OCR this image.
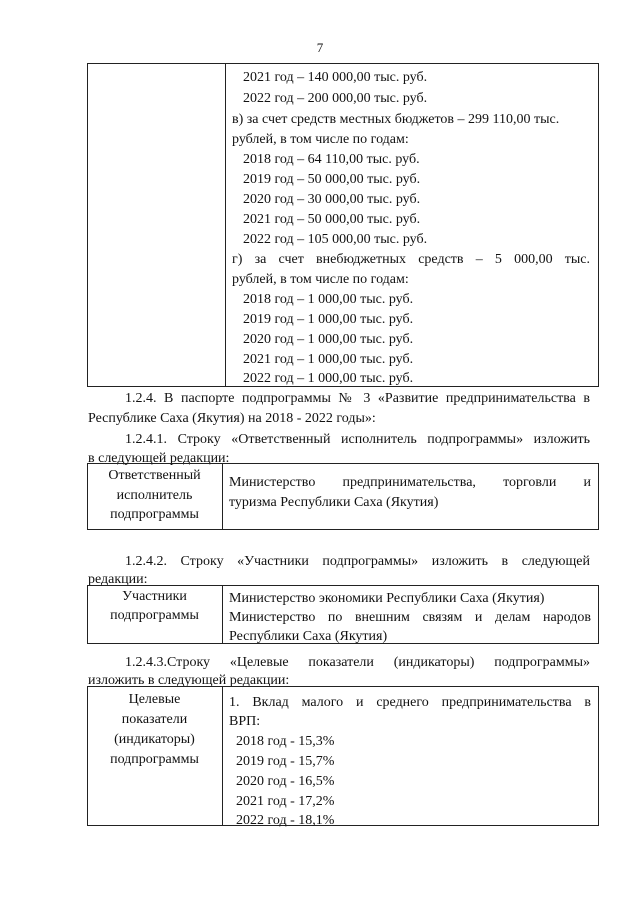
7
2021 год – 140 000,00 тыс. руб.
2022 год – 200 000,00 тыс. руб.
в) за счет средств местных бюджетов – 299 110,00 тыс.
рублей, в том числе по годам:
2018 год – 64 110,00 тыс. руб.
2019 год – 50 000,00 тыс. руб.
2020 год – 30 000,00 тыс. руб.
2021 год – 50 000,00 тыс. руб.
2022 год – 105 000,00 тыс. руб.
г) за счет внебюджетных средств – 5 000,00 тыс.
рублей, в том числе по годам:
2018 год – 1 000,00 тыс. руб.
2019 год – 1 000,00 тыс. руб.
2020 год – 1 000,00 тыс. руб.
2021 год – 1 000,00 тыс. руб.
2022 год – 1 000,00 тыс. руб.
1.2.4. В паспорте подпрограммы № 3 «Развитие предпринимательства в
Республике Саха (Якутия) на 2018 - 2022 годы»:
1.2.4.1. Строку «Ответственный исполнитель подпрограммы» изложить
в следующей редакции:
Ответственный
исполнитель
подпрограммы
Министерство предпринимательства, торговли и
туризма Республики Саха (Якутия)
1.2.4.2. Строку «Участники подпрограммы» изложить в следующей
редакции:
Участники
подпрограммы
Министерство экономики Республики Саха (Якутия)
Министерство по внешним связям и делам народов
Республики Саха (Якутия)
1.2.4.3.Строку «Целевые показатели (индикаторы) подпрограммы»
изложить в следующей редакции:
Целевые
показатели
(индикаторы)
подпрограммы
1. Вклад малого и среднего предпринимательства в
ВРП:
2018 год - 15,3%
2019 год - 15,7%
2020 год - 16,5%
2021 год - 17,2%
2022 год - 18,1%
